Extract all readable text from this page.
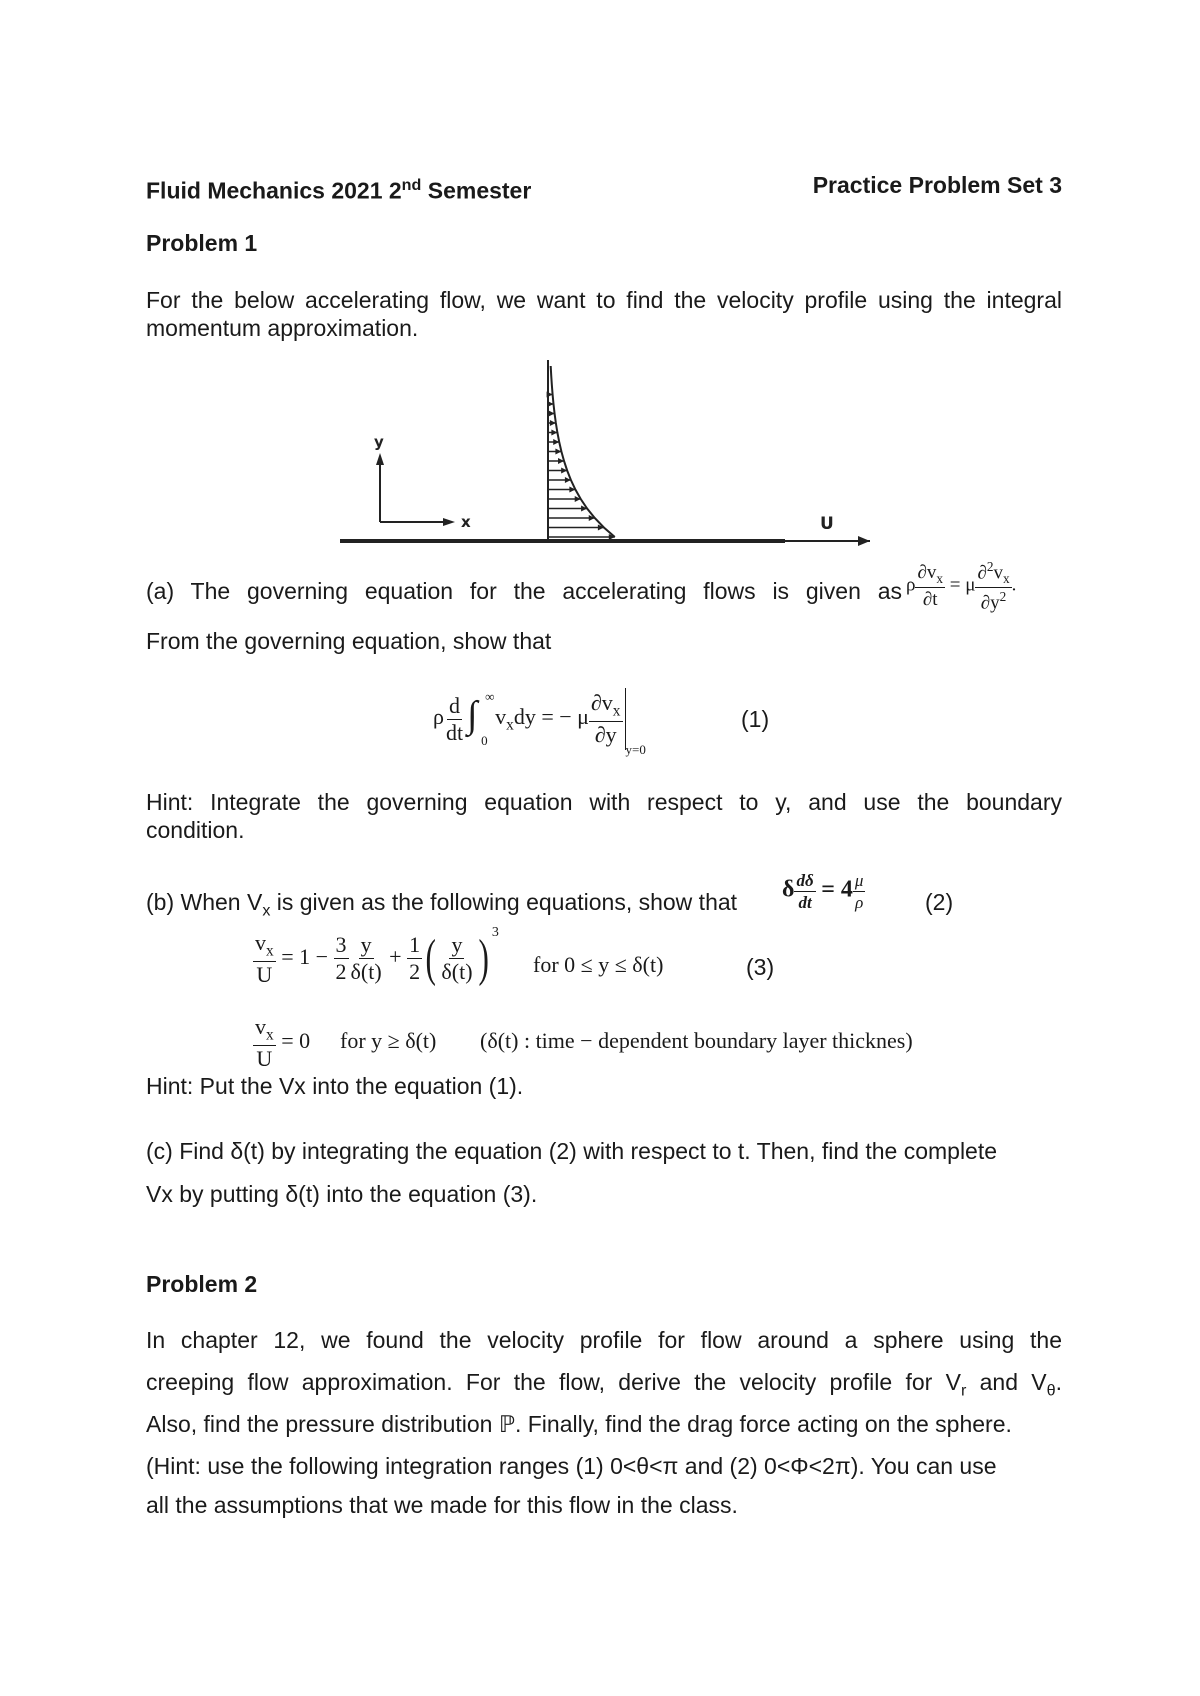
Fluid Mechanics 2021 2nd Semester	Practice Problem Set 3
Problem 1
For the below accelerating flow, we want to find the velocity profile using the integral
momentum approximation.
U
y
x
(a) The governing equation for the accelerating flows is given as ρ $\frac{\partial v_x}{\partial t} = \mu \frac{\partial^2v_x}{\partial y^2}$ .
From the governing equation, show that
ρ $\frac{d}{dt}$ ∫ ∞
0
$v_xdy$ = − μ $\frac{\partial v_x}{\partial y}$
$_{y=0}$
(1)
Hint: Integrate the governing equation with respect to y, and use the boundary
condition.
(b) When $V_x$ is given as the following equations, show that δ $\frac{d\delta}{dt} = 4 \frac{\mu}{\rho}$	(2)
$\frac{v_x}{U} = 1 - \frac{3}{2} \frac{y}{\delta(t)} + \frac{1}{2}$ ( $\frac{y}{\delta(t)}$ ) $^3$
for 0 ≤ y ≤ δ(t)	(3)
$\frac{v_x}{U} = 0$ for y ≥ δ(t) (δ(t) : time − dependent boundary layer thicknes)
Hint: Put the Vx into the equation (1).
(c) Find δ(t) by integrating the equation (2) with respect to t. Then, find the complete
Vx by putting δ(t) into the equation (3).
Problem 2
In chapter 12, we found the velocity profile for flow around a sphere using the
creeping flow approximation. For the flow, derive the velocity profile for $V_r$ and $V_\theta$.
Also, find the pressure distribution ℙ. Finally, find the drag force acting on the sphere.
(Hint: use the following integration ranges (1) 0<θ<π and (2) 0<Φ<2π). You can use
all the assumptions that we made for this flow in the class.
